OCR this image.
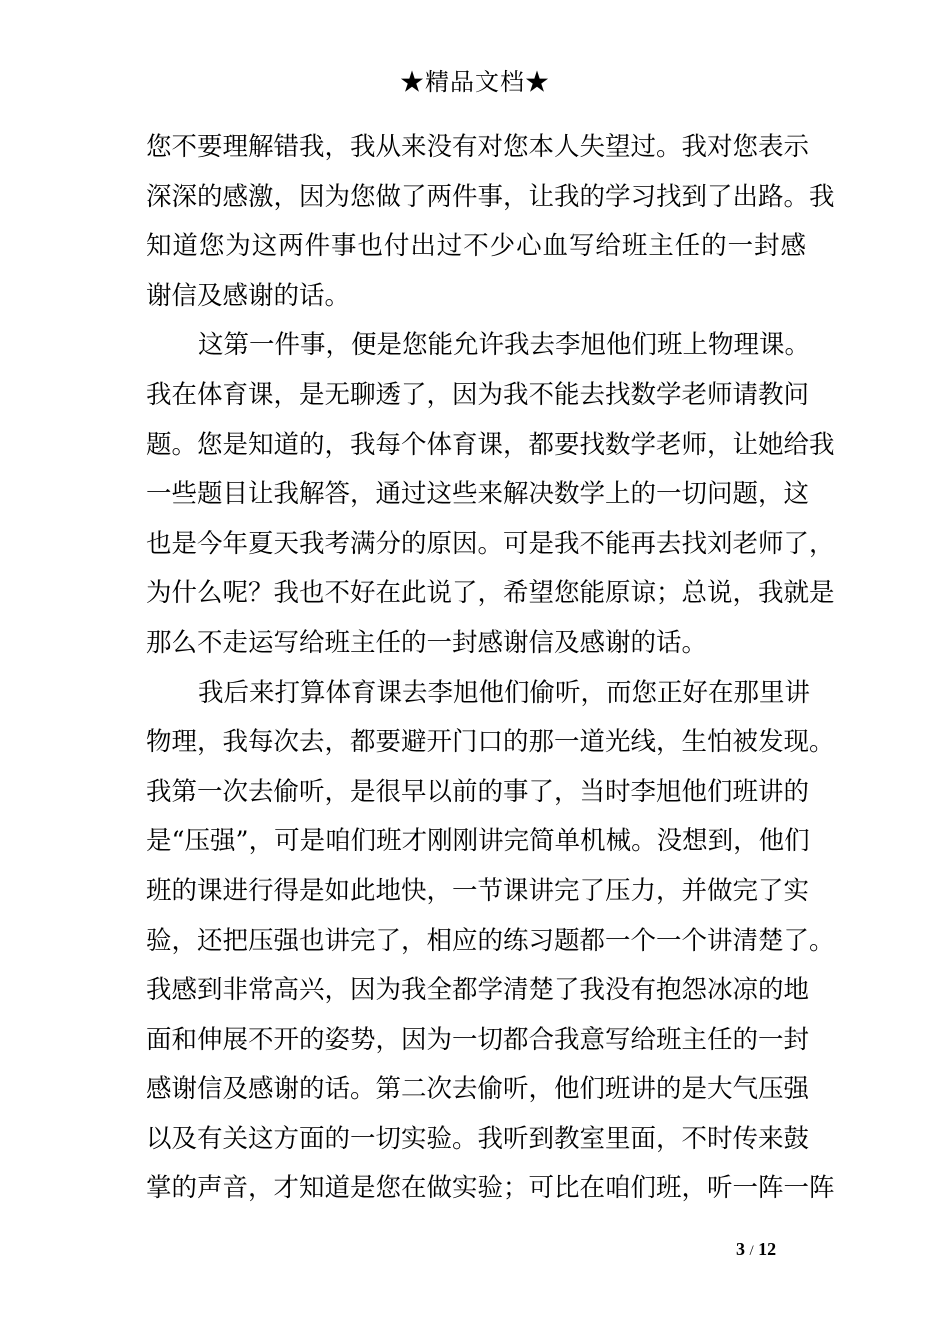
★精品文档★
您不要理解错我，我从来没有对您本人失望过。我对您表示
深深的感激，因为您做了两件事，让我的学习找到了出路。我
知道您为这两件事也付出过不少心血写给班主任的一封感
谢信及感谢的话。
这第一件事，便是您能允许我去李旭他们班上物理课。
我在体育课，是无聊透了，因为我不能去找数学老师请教问
题。您是知道的，我每个体育课，都要找数学老师，让她给我
一些题目让我解答，通过这些来解决数学上的一切问题，这
也是今年夏天我考满分的原因。可是我不能再去找刘老师了，
为什么呢？我也不好在此说了，希望您能原谅；总说，我就是
那么不走运写给班主任的一封感谢信及感谢的话。
我后来打算体育课去李旭他们偷听，而您正好在那里讲
物理，我每次去，都要避开门口的那一道光线，生怕被发现。
我第一次去偷听，是很早以前的事了，当时李旭他们班讲的
是“压强”，可是咱们班才刚刚讲完简单机械。没想到，他们
班的课进行得是如此地快，一节课讲完了压力，并做完了实
验，还把压强也讲完了，相应的练习题都一个一个讲清楚了。
我感到非常高兴，因为我全都学清楚了我没有抱怨冰凉的地
面和伸展不开的姿势，因为一切都合我意写给班主任的一封
感谢信及感谢的话。第二次去偷听，他们班讲的是大气压强
以及有关这方面的一切实验。我听到教室里面，不时传来鼓
掌的声音，才知道是您在做实验；可比在咱们班，听一阵一阵
3 / 12
